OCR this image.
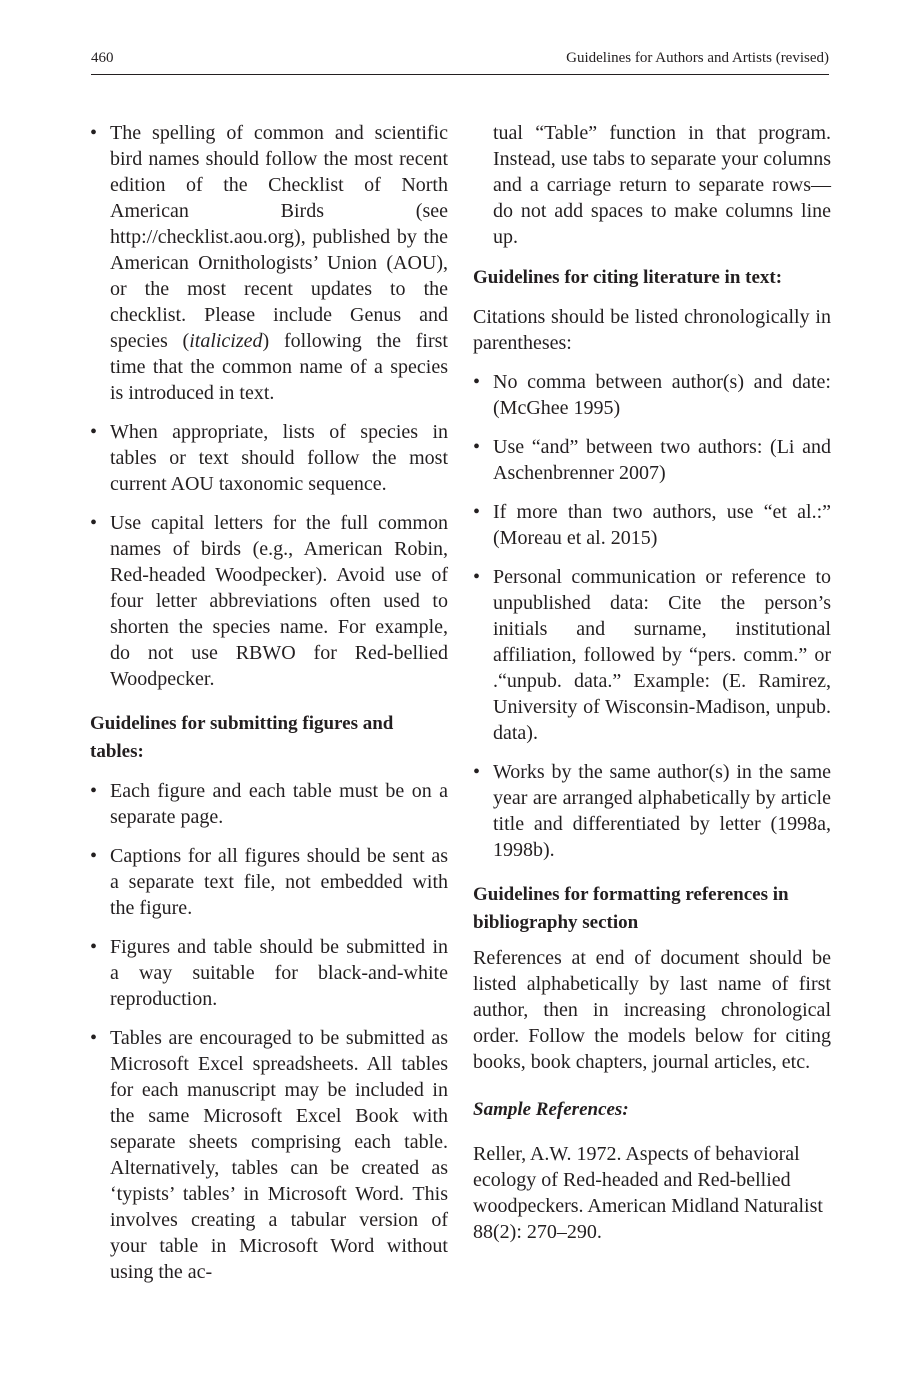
460	Guidelines for Authors and Artists (revised)
• The spelling of common and scientific bird names should follow the most recent edition of the Checklist of North American Birds (see http://checklist.aou.org), published by the American Ornithologists’ Union (AOU), or the most recent updates to the checklist. Please include Genus and species (italicized) following the first time that the common name of a species is introduced in text.
• When appropriate, lists of species in tables or text should follow the most current AOU taxonomic sequence.
• Use capital letters for the full common names of birds (e.g., American Robin, Red-headed Woodpecker). Avoid use of four letter abbreviations often used to shorten the species name. For example, do not use RBWO for Red-bellied Woodpecker.
Guidelines for submitting figures and tables:
• Each figure and each table must be on a separate page.
• Captions for all figures should be sent as a separate text file, not embedded with the figure.
• Figures and table should be submitted in a way suitable for black-and-white reproduction.
• Tables are encouraged to be submitted as Microsoft Excel spreadsheets. All tables for each manuscript may be included in the same Microsoft Excel Book with separate sheets comprising each table. Alternatively, tables can be created as ‘typists’ tables’ in Microsoft Word. This involves creating a tabular version of your table in Microsoft Word without using the ac-
tual “Table” function in that program. Instead, use tabs to separate your columns and a carriage return to separate rows—do not add spaces to make columns line up.
Guidelines for citing literature in text:
Citations should be listed chronologically in parentheses:
• No comma between author(s) and date: (McGhee 1995)
• Use “and” between two authors: (Li and Aschenbrenner 2007)
• If more than two authors, use “et al.:” (Moreau et al. 2015)
• Personal communication or reference to unpublished data: Cite the person’s initials and surname, institutional affiliation, followed by “pers. comm.” or .“unpub. data.” Example: (E. Ramirez, University of Wisconsin-Madison, unpub. data).
• Works by the same author(s) in the same year are arranged alphabetically by article title and differentiated by letter (1998a, 1998b).
Guidelines for formatting references in bibliography section
References at end of document should be listed alphabetically by last name of first author, then in increasing chronological order. Follow the models below for citing books, book chapters, journal articles, etc.
Sample References:
Reller, A.W. 1972. Aspects of behavioral ecology of Red-headed and Red-bellied woodpeckers. American Midland Naturalist 88(2): 270–290.
